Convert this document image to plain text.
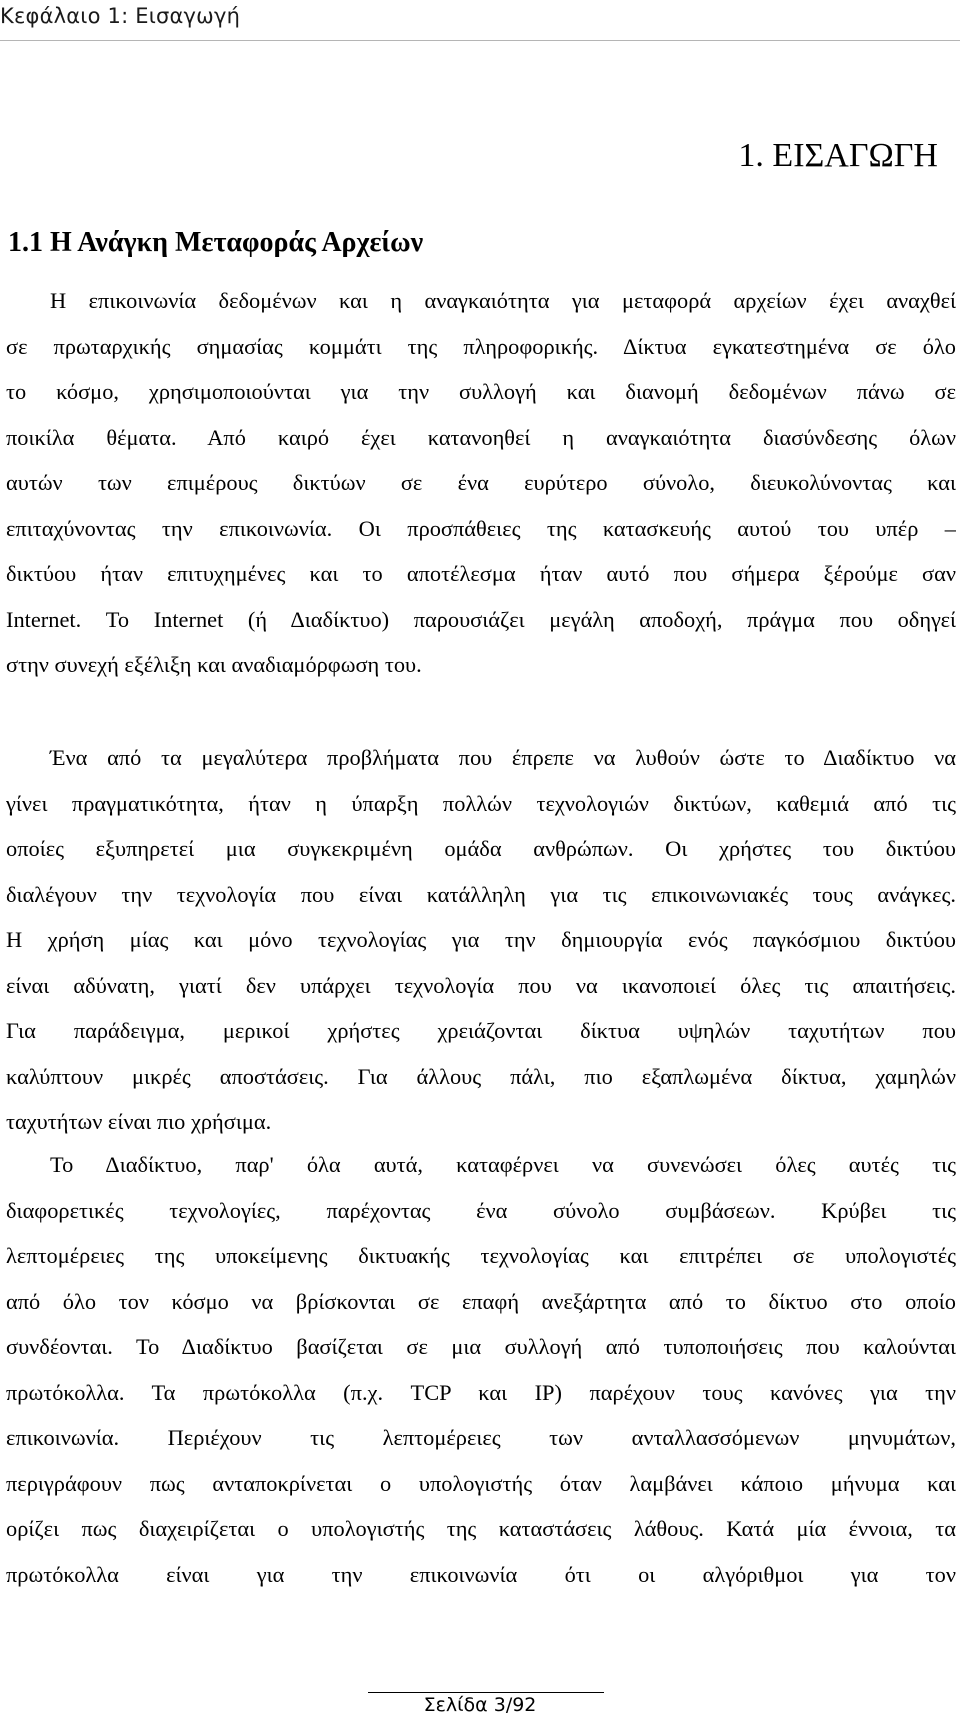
Κεφάλαιο 1: Εισαγωγή
1. ΕΙΣΑΓΩΓΗ
1.1 Η Ανάγκη Μεταφοράς Αρχείων
Η επικοινωνία δεδομένων και η αναγκαιότητα για μεταφορά αρχείων έχει αναχθεί
σε πρωταρχικής σημασίας κομμάτι της πληροφορικής. Δίκτυα εγκατεστημένα σε όλο
το κόσμο, χρησιμοποιούνται για την συλλογή και διανομή δεδομένων πάνω σε
ποικίλα θέματα. Από καιρό έχει κατανοηθεί η αναγκαιότητα διασύνδεσης όλων
αυτών των επιμέρους δικτύων σε ένα ευρύτερο σύνολο, διευκολύνοντας και
επιταχύνοντας την επικοινωνία. Οι προσπάθειες της κατασκευής αυτού του υπέρ –
δικτύου ήταν επιτυχημένες και το αποτέλεσμα ήταν αυτό που σήμερα ξέρούμε σαν
Internet. Το Internet (ή Διαδίκτυο) παρουσιάζει μεγάλη αποδοχή, πράγμα που οδηγεί
στην συνεχή εξέλιξη και αναδιαμόρφωση του.
Ένα από τα μεγαλύτερα προβλήματα που έπρεπε να λυθούν ώστε το Διαδίκτυο να
γίνει πραγματικότητα, ήταν η ύπαρξη πολλών τεχνολογιών δικτύων, καθεμιά από τις
οποίες εξυπηρετεί μια συγκεκριμένη ομάδα ανθρώπων. Οι χρήστες του δικτύου
διαλέγουν την τεχνολογία που είναι κατάλληλη για τις επικοινωνιακές τους ανάγκες.
Η χρήση μίας και μόνο τεχνολογίας για την δημιουργία ενός παγκόσμιου δικτύου
είναι αδύνατη, γιατί δεν υπάρχει τεχνολογία που να ικανοποιεί όλες τις απαιτήσεις.
Για παράδειγμα, μερικοί χρήστες χρειάζονται δίκτυα υψηλών ταχυτήτων που
καλύπτουν μικρές αποστάσεις. Για άλλους πάλι, πιο εξαπλωμένα δίκτυα, χαμηλών
ταχυτήτων είναι πιο χρήσιμα.
Το Διαδίκτυο, παρ' όλα αυτά, καταφέρνει να συνενώσει όλες αυτές τις
διαφορετικές τεχνολογίες, παρέχοντας ένα σύνολο συμβάσεων. Κρύβει τις
λεπτομέρειες της υποκείμενης δικτυακής τεχνολογίας και επιτρέπει σε υπολογιστές
από όλο τον κόσμο να βρίσκονται σε επαφή ανεξάρτητα από το δίκτυο στο οποίο
συνδέονται. Το Διαδίκτυο βασίζεται σε μια συλλογή από τυποποιήσεις που καλούνται
πρωτόκολλα. Τα πρωτόκολλα (π.χ. TCP και IP) παρέχουν τους κανόνες για την
επικοινωνία. Περιέχουν τις λεπτομέρειες των ανταλλασσόμενων μηνυμάτων,
περιγράφουν πως ανταποκρίνεται ο υπολογιστής όταν λαμβάνει κάποιο μήνυμα και
ορίζει πως διαχειρίζεται ο υπολογιστής της καταστάσεις λάθους. Κατά μία έννοια, τα
πρωτόκολλα είναι για την επικοινωνία ότι οι αλγόριθμοι για τον
Σελίδα 3/92
